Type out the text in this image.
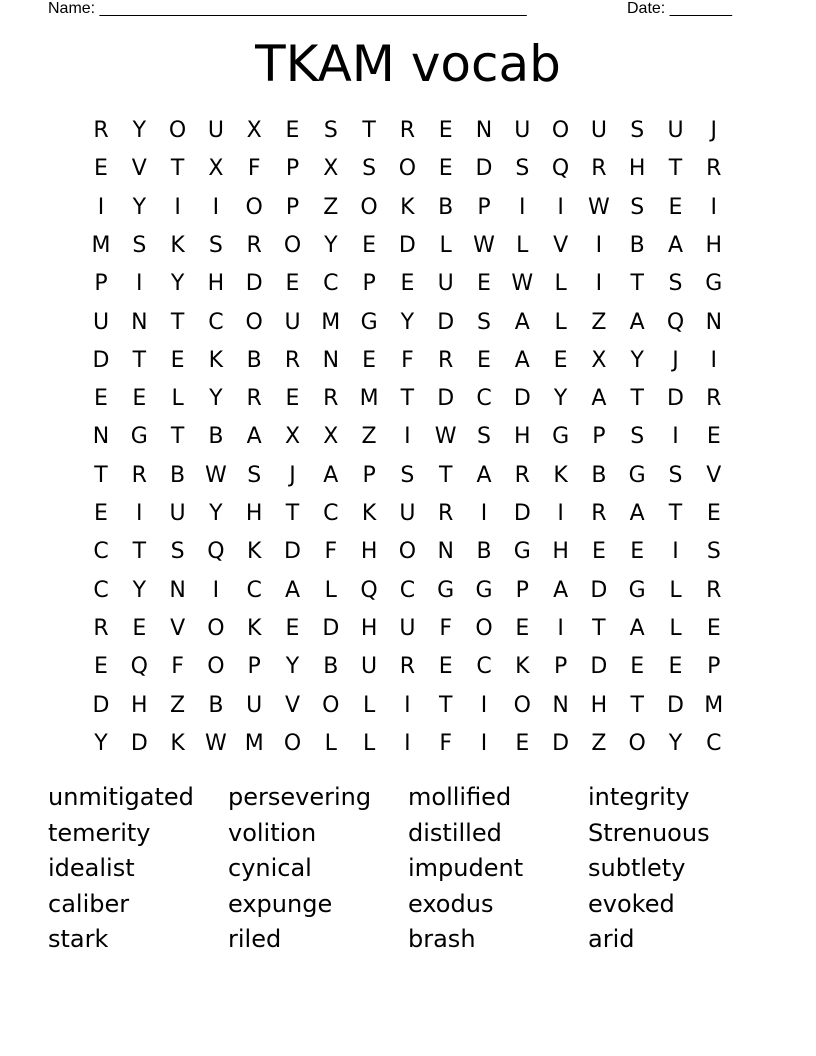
Name: ________________________________________________	Date: _______
TKAM vocab
R	Y	O U	X	E	S	T	R	E	N	U O U	S	U	J
E	V	T	X	F	P	X	S	O	E	D	S	Q R	H	T	R
I	Y	I	I	O	P	Z	O	K	B	P	I	I	W S	E	I
M S	K	S	R	O	Y	E	D	L W L	V	I	B	A	H
P	I	Y	H D	E	C	P	E	U	E W L	I	T	S	G
U	N	T	C O U M G	Y	D	S	A	L	Z	A	Q N
D	T	E	K	B	R	N	E	F	R	E	A	E	X	Y	J	I
E	E	L	Y	R	E	R M	T	D	C	D	Y	A	T	D	R
N G	T	B	A	X	X	Z	I	W S	H G	P	S	I	E
T	R	B W S	J	A	P	S	T	A	R	K	B	G	S	V
E	I	U	Y	H	T	C	K	U	R	I	D	I	R	A	T	E
C	T	S	Q	K	D	F	H O N	B	G H	E	E	I	S
C	Y	N	I	C	A	L	Q C	G G	P	A	D G	L	R
R	E	V	O	K	E	D H U	F	O	E	I	T	A	L	E
E	Q	F	O	P	Y	B	U	R	E	C	K	P	D	E	E	P
D H	Z	B	U	V	O	L	I	T	I	O N H	T	D M
Y	D	K W M O	L	L	I	F	I	E	D	Z	O	Y	C
unmitigated	persevering	mollified	integrity
temerity	volition	distilled	Strenuous
idealist	cynical	impudent	subtlety
caliber	expunge	exodus	evoked
stark	riled	brash	arid
